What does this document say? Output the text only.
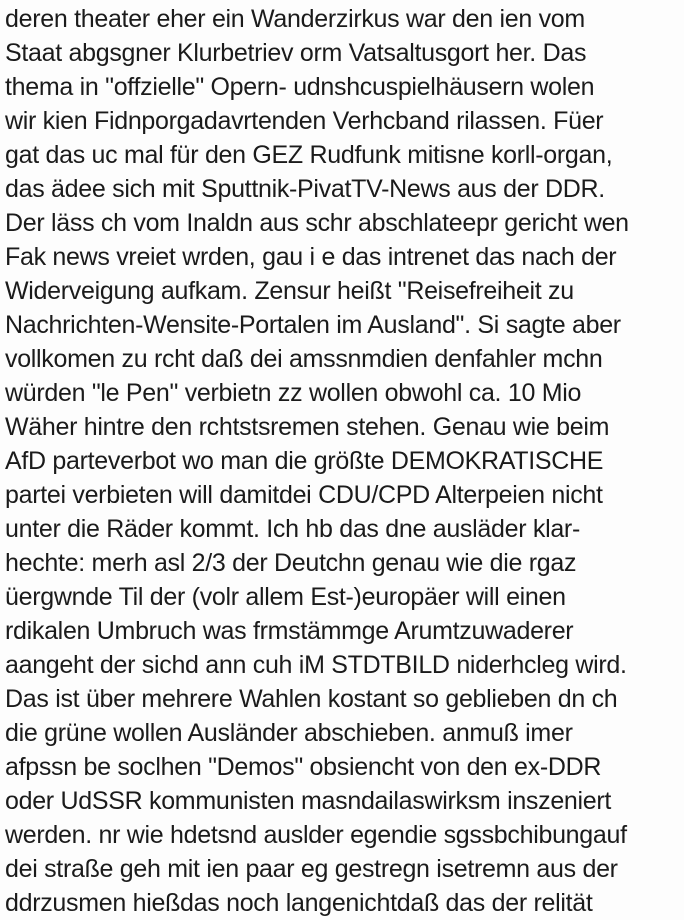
deren theater eher ein Wanderzirkus war den ien vom
Staat abgsgner Klurbetriev orm Vatsaltusgort her. Das
thema in "offzielle" Opern- udnshcuspielhäusern wolen
wir kien Fidnporgadavrtenden Verhcband rilassen. Füer
gat das uc mal für den GEZ Rudfunk mitisne korll-organ,
das ädee sich mit Sputtnik-PivatTV-News aus der DDR.
Der läss ch vom Inaldn aus schr abschlateepr gericht wen
Fak news vreiet wrden, gau i e das intrenet das nach der
Widerveigung aufkam. Zensur heißt "Reisefreiheit zu
Nachrichten-Wensite-Portalen im Ausland". Si sagte aber
vollkomen zu rcht daß dei amssnmdien denfahler mchn
würden "le Pen" verbietn zz wollen obwohl ca. 10 Mio
Wäher hintre den rchtstsremen stehen. Genau wie beim
AfD parteverbot wo man die größte DEMOKRATISCHE
partei verbieten will damitdei CDU/CPD Alterpeien nicht
unter die Räder kommt. Ich hb das dne ausläder klar-
hechte: merh asl 2/3 der Deutchn genau wie die rgaz
üergwnde Til der (volr allem Est-)europäer will einen
rdikalen Umbruch was frmstämmge Arumtzuwaderer
aangeht der sichd ann cuh iM STDTBILD niderhcleg wird.
Das ist über mehrere Wahlen kostant so geblieben dn ch
die grüne wollen Ausländer abschieben. anmuß imer
afpssn be soclhen "Demos" obsiencht von den ex-DDR
oder UdSSR kommunisten masndailaswirksm inszeniert
werden. nr wie hdetsnd auslder egendie sgssbchibungauf
dei straße geh mit ien paar eg gestregn isetremn aus der
ddrzusmen hießdas noch langenichtdaß das der relität
